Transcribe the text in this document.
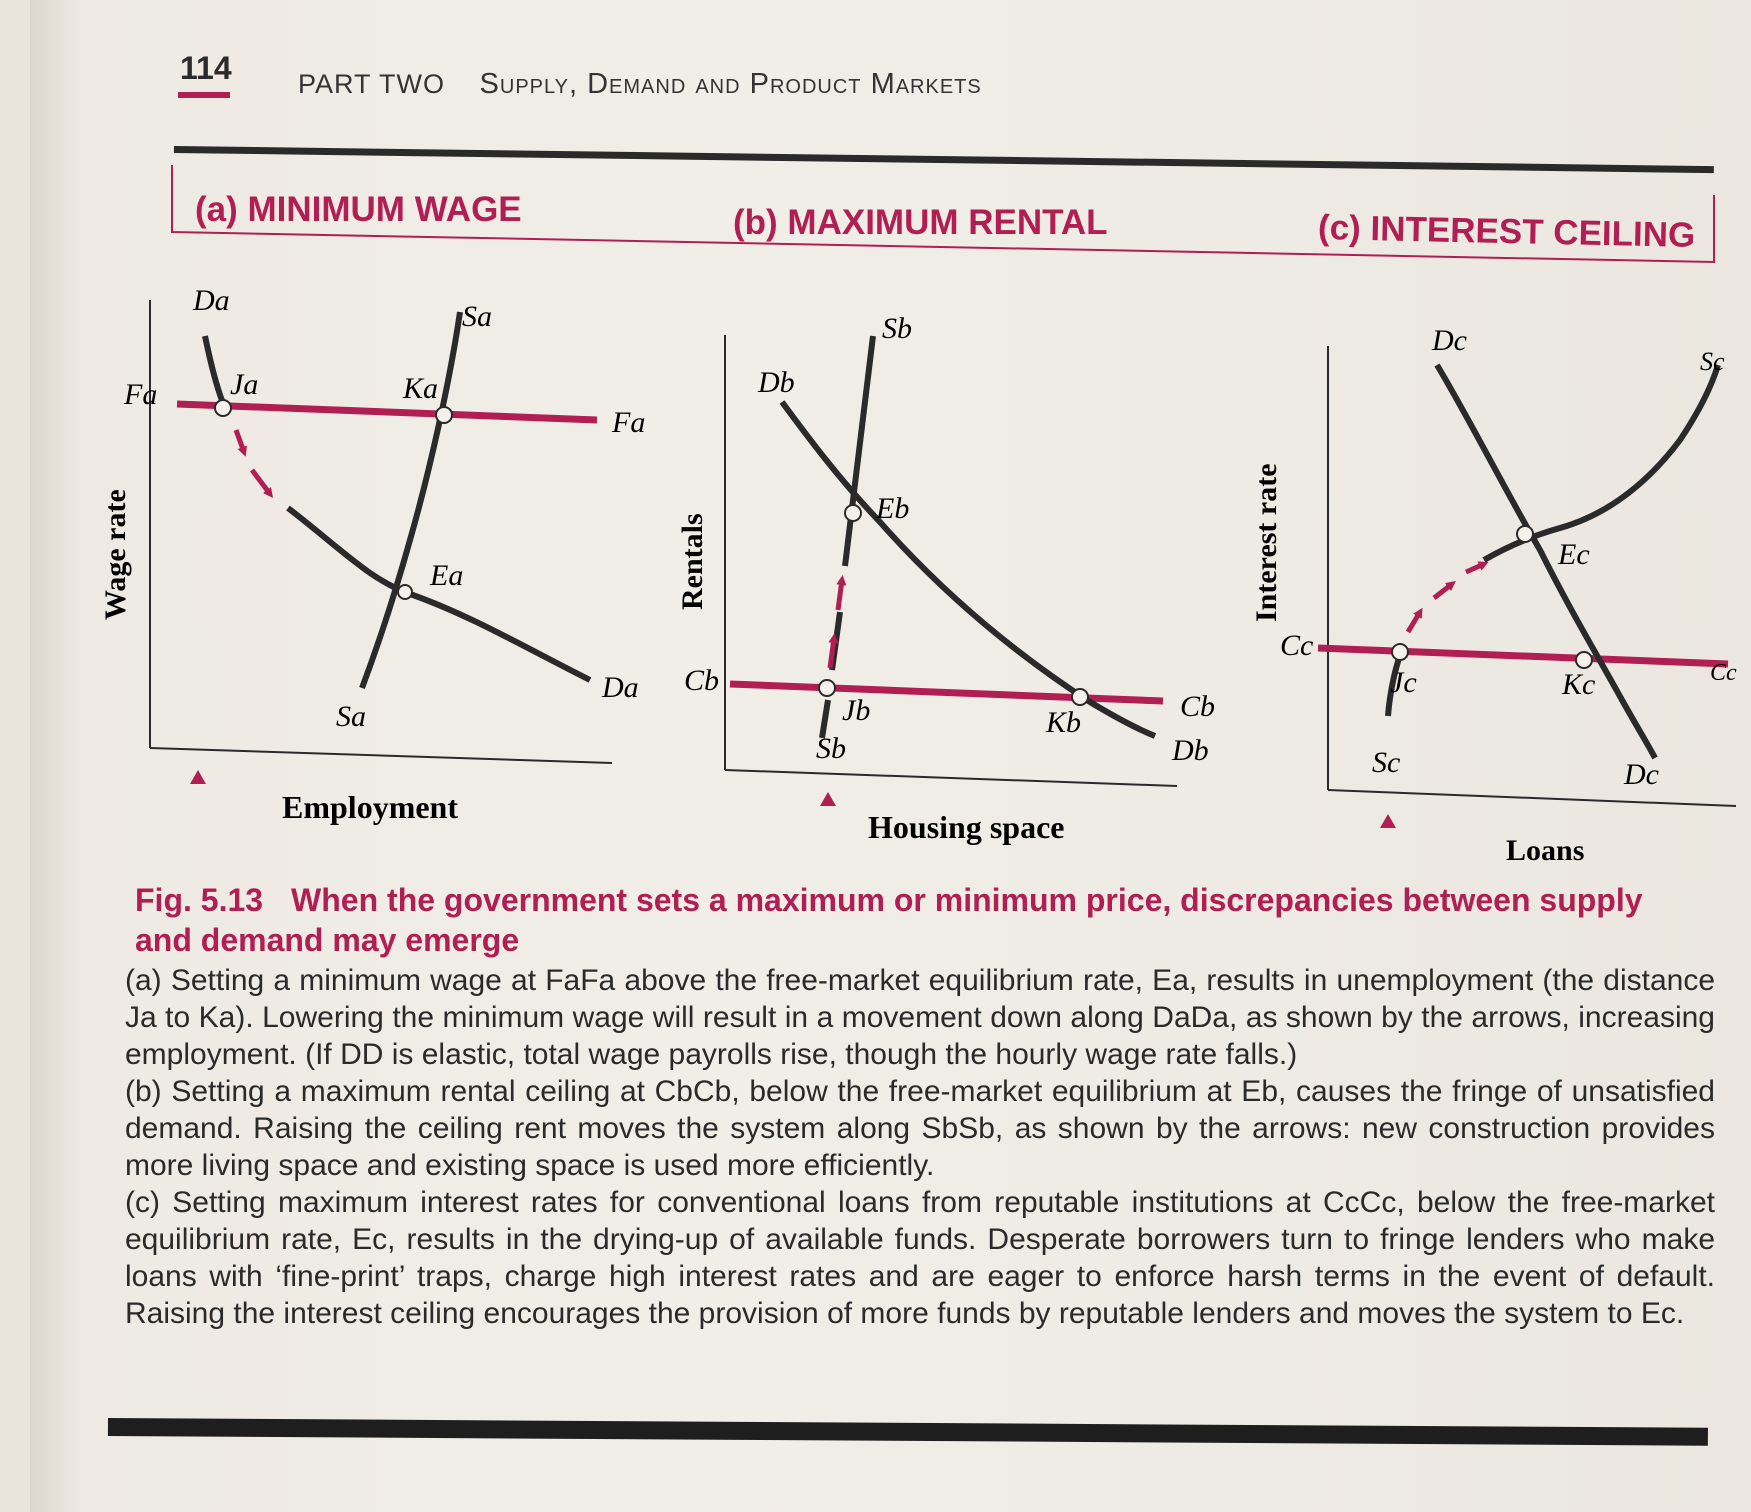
114 PART TWO Supply, Demand and Product Markets
Da	Sa
Fa
Fa
Ja	Ka
Ea
Sa
Da
Wage rate
Employment
Db
Sb
Cb
Cb
Jb	Kb
Eb
Sb	Db
Rentals
Housing space
Dc
Sc
Cc
Cc
Jc	Kc
Ec
Sc	Dc
Interest rate
Loans
(a) MINIMUM WAGE	(b) MAXIMUM RENTAL	(c) INTEREST CEILING
Fig. 5.13 When the government sets a maximum or minimum price, discrepancies between supply and demand may emerge

(a) Setting a minimum wage at FaFa above the free-market equilibrium rate, Ea, results in unemployment (the distance Ja to Ka). Lowering the minimum wage will result in a movement down along DaDa, as shown by the arrows, increasing employment. (If DD is elastic, total wage payrolls rise, though the hourly wage rate falls.)

(b) Setting a maximum rental ceiling at CbCb, below the free-market equilibrium at Eb, causes the fringe of unsatisfied demand. Raising the ceiling rent moves the system along SbSb, as shown by the arrows: new construction provides more living space and existing space is used more efficiently.

(c) Setting maximum interest rates for conventional loans from reputable institutions at CcCc, below the free-market equilibrium rate, Ec, results in the drying-up of available funds. Desperate borrowers turn to fringe lenders who make loans with ‘fine-print’ traps, charge high interest rates and are eager to enforce harsh terms in the event of default. Raising the interest ceiling encourages the provision of more funds by reputable lenders and moves the system to Ec.
